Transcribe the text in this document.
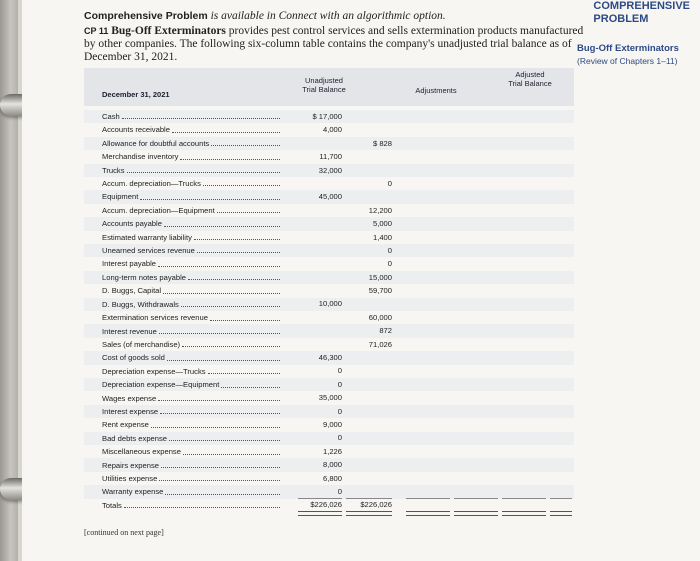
Comprehensive Problem is available in Connect with an algorithmic option.
CP 11 Bug-Off Exterminators provides pest control services and sells extermination products manufactured by other companies. The following six-column table contains the company's unadjusted trial balance as of December 31, 2021.
COMPREHENSIVE
PROBLEM
Bug-Off Exterminators
(Review of Chapters 1–11)
December 31, 2021
Unadjusted
Trial Balance	Adjustments
Adjusted
Trial Balance
Cash
Accounts receivable
Allowance for doubtful accounts
Merchandise inventory
Trucks
Accum. depreciation—Trucks
Equipment
Accum. depreciation—Equipment
Accounts payable
Estimated warranty liability
Unearned services revenue
Interest payable
Long-term notes payable
D. Buggs, Capital
D. Buggs, Withdrawals
Extermination services revenue
Interest revenue
Sales (of merchandise)
Cost of goods sold
Depreciation expense—Trucks
Depreciation expense—Equipment
Wages expense
Interest expense
Rent expense
Bad debts expense
Miscellaneous expense
Repairs expense
Utilities expense
Warranty expense
Totals
$ 17,000
4,000
11,700
32,000
45,000
10,000
46,300
0
0
35,000
0
9,000
0
1,226
8,000
6,800
0
$226,026
$ 828
0
12,200
5,000
1,400
0
0
15,000
59,700
60,000
872
71,026
$226,026
[continued on next page]
